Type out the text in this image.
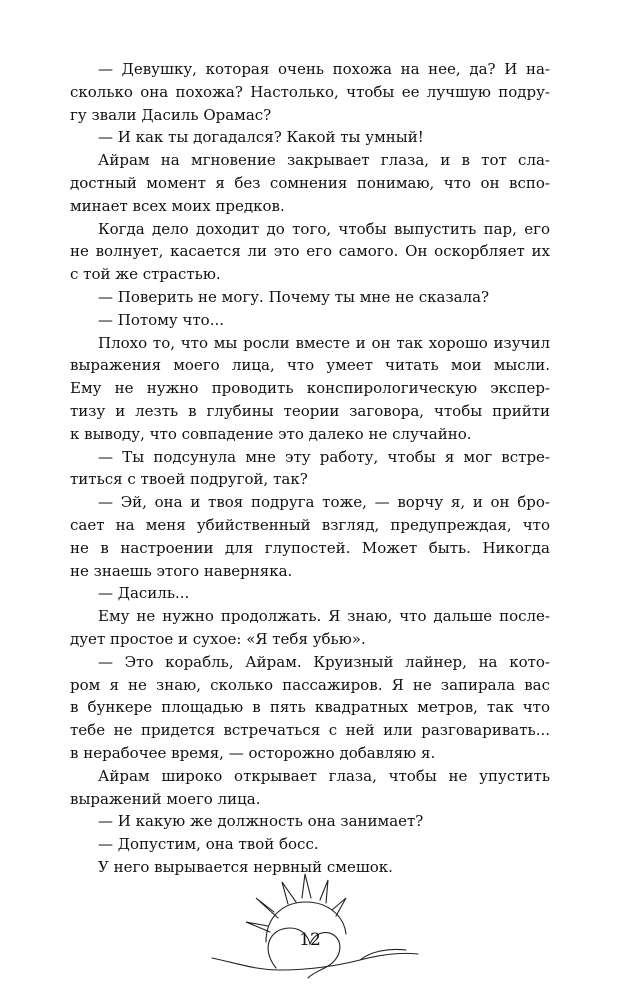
— Девушку, которая очень похожа на нее, да? И на-
сколько она похожа? Настолько, чтобы ее лучшую подру-
гу звали Дасиль Орамас?
— И как ты догадался? Какой ты умный!
Айрам на мгновение закрывает глаза, и в тот сла-
достный момент я без сомнения понимаю, что он вспо-
минает всех моих предков.
Когда дело доходит до того, чтобы выпустить пар, его
не волнует, касается ли это его самого. Он оскорбляет их
с той же страстью.
— Поверить не могу. Почему ты мне не сказала?
— Потому что...
Плохо то, что мы росли вместе и он так хорошо изучил
выражения моего лица, что умеет читать мои мысли.
Ему не нужно проводить конспирологическую экспер-
тизу и лезть в глубины теории заговора, чтобы прийти
к выводу, что совпадение это далеко не случайно.
— Ты подсунула мне эту работу, чтобы я мог встре-
титься с твоей подругой, так?
— Эй, она и твоя подруга тоже, — ворчу я, и он бро-
сает на меня убийственный взгляд, предупреждая, что
не в настроении для глупостей. Может быть. Никогда
не знаешь этого наверняка.
— Дасиль...
Ему не нужно продолжать. Я знаю, что дальше после-
дует простое и сухое: «Я тебя убью».
— Это корабль, Айрам. Круизный лайнер, на кото-
ром я не знаю, сколько пассажиров. Я не запирала вас
в бункере площадью в пять квадратных метров, так что
тебе не придется встречаться с ней или разговаривать...
в нерабочее время, — осторожно добавляю я.
Айрам широко открывает глаза, чтобы не упустить
выражений моего лица.
— И какую же должность она занимает?
— Допустим, она твой босс.
У него вырывается нервный смешок.
12
